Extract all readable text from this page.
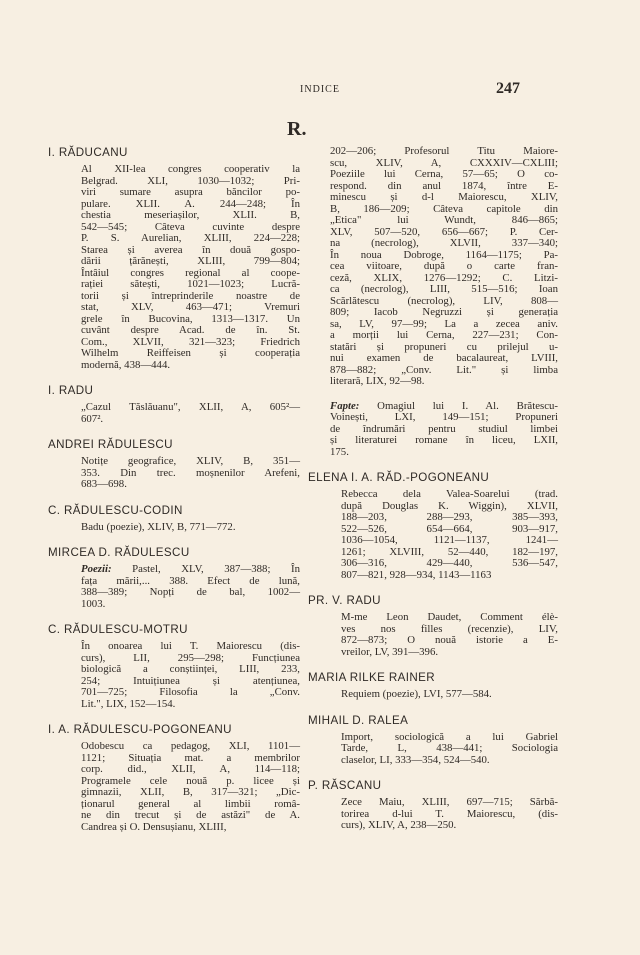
INDICE	247
R.
I. RĂDUCANU
Al XII-lea congres cooperativ la
Belgrad. XLI, 1030—1032; Pri-
viri sumare asupra băncilor po-
pulare. XLII. A. 244—248; În
chestia meseriașilor, XLII. B,
542—545; Câteva cuvinte despre
P. S. Aurelian, XLIII, 224—228;
Starea și averea în două gospo-
dării țărănești, XLIII, 799—804;
Întâiul congres regional al coope-
rației sătești, 1021—1023; Lucră-
torii și întreprinderile noastre de
stat, XLV, 463—471; Vremuri
grele în Bucovina, 1313—1317. Un
cuvânt despre Acad. de în. St.
Com., XLVII, 321—323; Friedrich
Wilhelm Reiffeisen și cooperația
modernă, 438—444.
I. RADU
„Cazul Tăslăuanu", XLII, A, 605²—
607².
ANDREI RĂDULESCU
Notițe geografice, XLIV, B, 351—
353. Din trec. moșnenilor Arefeni,
683—698.
C. RĂDULESCU-CODIN
Badu (poezie), XLIV, B, 771—772.
MIRCEA D. RĂDULESCU
Poezii: Pastel, XLV, 387—388; În
fața mării,... 388. Efect de lună,
388—389; Nopți de bal, 1002—
1003.
C. RĂDULESCU-MOTRU
În onoarea lui T. Maiorescu (dis-
curs), LII, 295—298; Funcțiunea
biologică a conștiinței, LIII, 233,
254; Intuițiunea și atențiunea,
701—725; Filosofia la „Conv.
Lit.", LIX, 152—154.
I. A. RĂDULESCU-POGONEANU
Odobescu ca pedagog, XLI, 1101—
1121; Situația mat. a membrilor
corp. did., XLII, A, 114—118;
Programele cele nouă p. licee și
gimnazii, XLII, B, 317—321; „Dic-
ționarul general al limbii româ-
ne din trecut și de astăzi" de A.
Candrea și O. Densușianu, XLIII,
202—206; Profesorul Titu Maiore-
scu, XLIV, A, CXXXIV—CXLIII;
Poeziile lui Cerna, 57—65; O co-
respond. din anul 1874, între E-
minescu și d-l Maiorescu, XLIV,
B, 186—209; Câteva capitole din
„Etica" lui Wundt, 846—865;
XLV, 507—520, 656—667; P. Cer-
na (necrolog), XLVII, 337—340;
În noua Dobroge, 1164—1175; Pa-
cea viitoare, după o carte fran-
ceză, XLIX, 1276—1292; C. Litzi-
ca (necrolog), LIII, 515—516; Ioan
Scărlătescu (necrolog), LIV, 808—
809; Iacob Negruzzi și generația
sa, LV, 97—99; La a zecea aniv.
a morții lui Cerna, 227—231; Con-
statări și propuneri cu prilejul u-
nui examen de bacalaureat, LVIII,
878—882; „Conv. Lit." și limba
literară, LIX, 92—98.
Fapte: Omagiul lui I. Al. Brătescu-
Voinești, LXI, 149—151; Propuneri
de îndrumări pentru studiul limbei
și literaturei romane în liceu, LXII,
175.
ELENA I. A. RĂD.-POGONEANU
Rebecca dela Valea-Soarelui (trad.
după Douglas K. Wiggin), XLVII,
188—203, 288—293, 385—393,
522—526, 654—664, 903—917,
1036—1054, 1121—1137, 1241—
1261; XLVIII, 52—440, 182—197,
306—316, 429—440, 536—547,
807—821, 928—934, 1143—1163
PR. V. RADU
M-me Leon Daudet, Comment élè-
ves nos filles (recenzie), LIV,
872—873; O nouă istorie a E-
vreilor, LV, 391—396.
MARIA RILKE RAINER
Requiem (poezie), LVI, 577—584.
MIHAIL D. RALEA
Import, sociologică a lui Gabriel
Tarde, L, 438—441; Sociologia
claselor, LI, 333—354, 524—540.
P. RĂSCANU
Zece Maiu, XLIII, 697—715; Sărbă-
torirea d-lui T. Maiorescu, (dis-
curs), XLIV, A, 238—250.
